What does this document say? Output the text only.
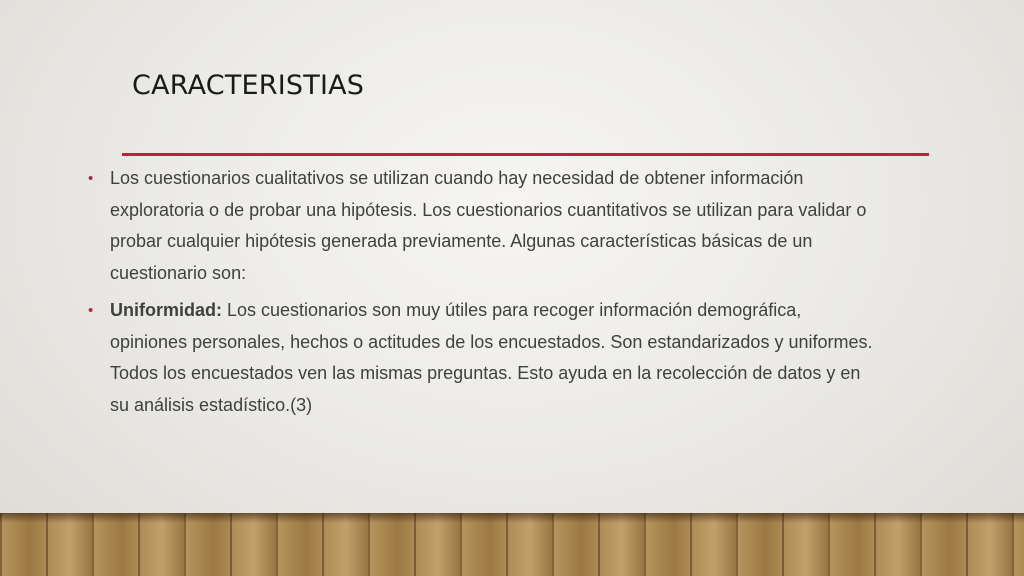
CARACTERISTIAS
• Los cuestionarios cualitativos se utilizan cuando hay necesidad de obtener información exploratoria o de probar una hipótesis. Los cuestionarios cuantitativos se utilizan para validar o probar cualquier hipótesis generada previamente. Algunas características básicas de un cuestionario son:
• Uniformidad: Los cuestionarios son muy útiles para recoger información demográfica, opiniones personales, hechos o actitudes de los encuestados. Son estandarizados y uniformes. Todos los encuestados ven las mismas preguntas. Esto ayuda en la recolección de datos y en su análisis estadístico.(3)
